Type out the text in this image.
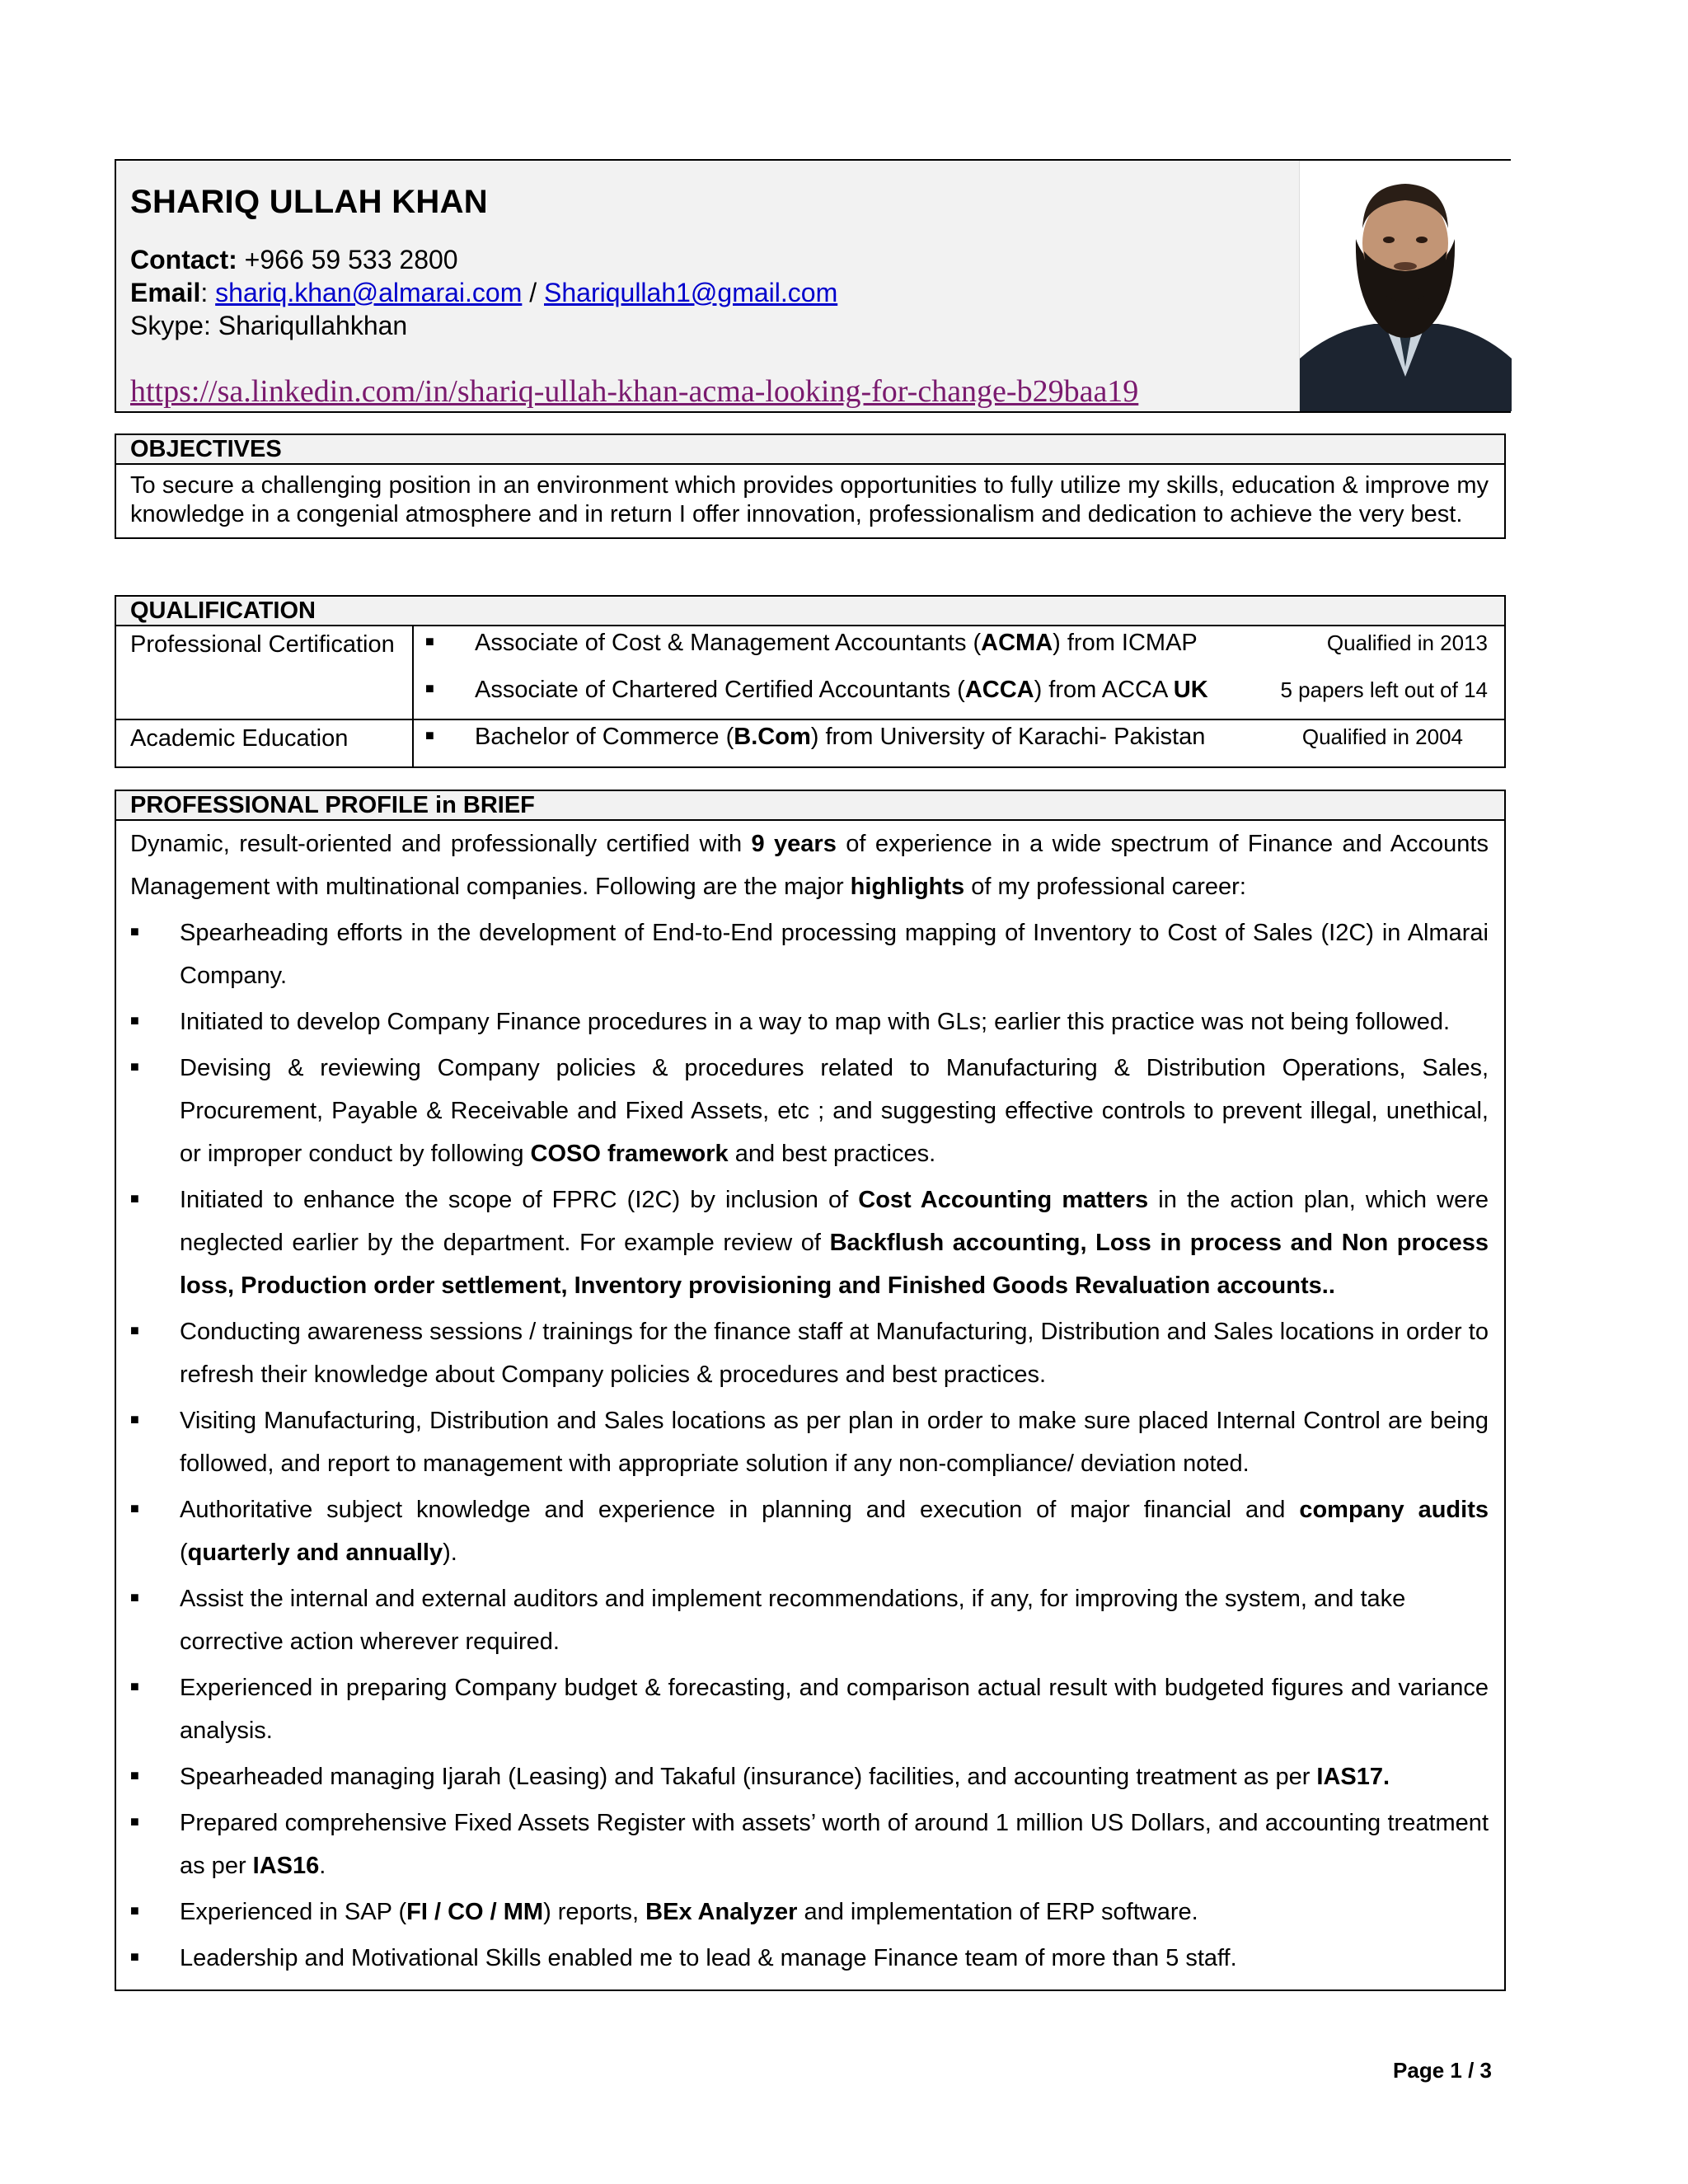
SHARIQ ULLAH KHAN

Contact: +966 59 533 2800

Email: shariq.khan@almarai.com / Shariqullah1@gmail.com

Skype: Shariqullahkhan

https://sa.linkedin.com/in/shariq-ullah-khan-acma-looking-for-change-b29baa19
OBJECTIVES
To secure a challenging position in an environment which provides opportunities to fully utilize my skills, education & improve my knowledge in a congenial atmosphere and in return I offer innovation, professionalism and dedication to achieve the very best.
QUALIFICATION
Professional Certification	■	Associate of Cost & Management Accountants (ACMA) from ICMAP	Qualified in 2013
■	Associate of Chartered Certified Accountants (ACCA) from ACCA UK	5 papers left out of 14
Academic Education	■	Bachelor of Commerce (B.Com) from University of Karachi- Pakistan	Qualified in 2004
PROFESSIONAL PROFILE in BRIEF

Dynamic, result-oriented and professionally certified with 9 years of experience in a wide spectrum of Finance and Accounts Management with multinational companies. Following are the major highlights of my professional career:

■	Spearheading efforts in the development of End-to-End processing mapping of Inventory to Cost of Sales (I2C) in Almarai Company.
■	Initiated to develop Company Finance procedures in a way to map with GLs; earlier this practice was not being followed.
■	Devising & reviewing Company policies & procedures related to Manufacturing & Distribution Operations, Sales, Procurement, Payable & Receivable and Fixed Assets, etc ; and suggesting effective controls to prevent illegal, unethical, or improper conduct by following COSO framework and best practices.
■	Initiated to enhance the scope of FPRC (I2C) by inclusion of Cost Accounting matters in the action plan, which were neglected earlier by the department. For example review of Backflush accounting, Loss in process and Non process loss, Production order settlement, Inventory provisioning and Finished Goods Revaluation accounts..
■	Conducting awareness sessions / trainings for the finance staff at Manufacturing, Distribution and Sales locations in order to refresh their knowledge about Company policies & procedures and best practices.
■	Visiting Manufacturing, Distribution and Sales locations as per plan in order to make sure placed Internal Control are being followed, and report to management with appropriate solution if any non-compliance/ deviation noted.
■	Authoritative subject knowledge and experience in planning and execution of major financial and company audits (quarterly and annually).
■	Assist the internal and external auditors and implement recommendations, if any, for improving the system, and take corrective action wherever required.
■	Experienced in preparing Company budget & forecasting, and comparison actual result with budgeted figures and variance analysis.
■	Spearheaded managing Ijarah (Leasing) and Takaful (insurance) facilities, and accounting treatment as per IAS17.
■	Prepared comprehensive Fixed Assets Register with assets’ worth of around 1 million US Dollars, and accounting treatment as per IAS16.
■	Experienced in SAP (FI / CO / MM) reports, BEx Analyzer and implementation of ERP software.
■	Leadership and Motivational Skills enabled me to lead & manage Finance team of more than 5 staff.
Page 1 / 3
